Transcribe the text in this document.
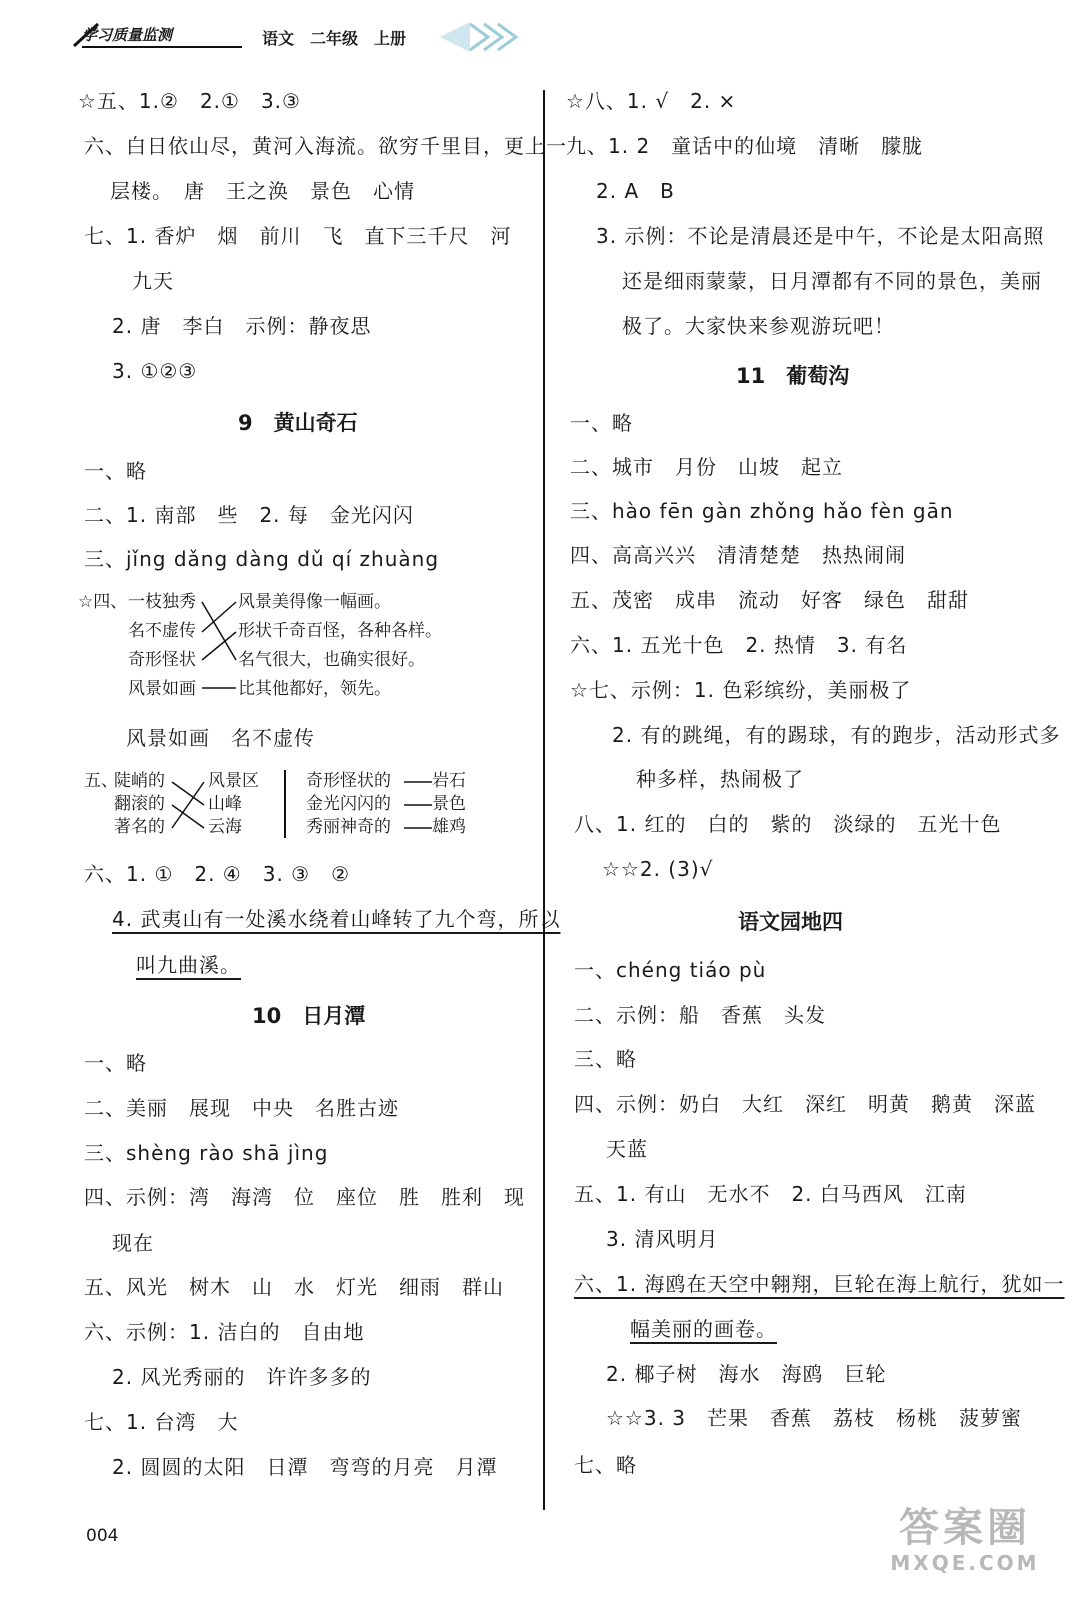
学习质量监测	语文　二年级　上册
☆五、1.②　2.①　3.③
六、白日依山尽，黄河入海流。欲穷千里目，更上一
层楼。　唐　王之涣　景色　心情
七、1. 香炉　烟　前川　飞　直下三千尺　河
九天
2. 唐　李白　示例：静夜思
3. ①②③
9　黄山奇石
一、略
二、1. 南部　些　2. 每　金光闪闪
三、jǐng dǎng dàng dǔ qí zhuàng
☆四、 一枝独秀
名不虚传
奇形怪状
风景如画
风景美得像一幅画。
形状千奇百怪，各种各样。
名气很大，也确实很好。
比其他都好，领先。
风景如画　名不虚传
五、
陡峭的
翻滚的
著名的
风景区
山峰
云海
奇形怪状的
金光闪闪的
秀丽神奇的
岩石
景色
雄鸡
六、1. ①　2. ④　3. ③　②
4. 武夷山有一处溪水绕着山峰转了九个弯，所以
叫九曲溪。
10　日月潭
一、略
二、美丽　展现　中央　名胜古迹
三、shèng rào shā jìng
四、示例：湾　海湾　位　座位　胜　胜利　现
现在
五、风光　树木　山　水　灯光　细雨　群山
六、示例：1. 洁白的　自由地
2. 风光秀丽的　许许多多的
七、1. 台湾　大
2. 圆圆的太阳　日潭　弯弯的月亮　月潭
☆八、1. √　2. ×
九、1. 2　童话中的仙境　清晰　朦胧
2. A　B
3. 示例：不论是清晨还是中午，不论是太阳高照
还是细雨蒙蒙，日月潭都有不同的景色，美丽
极了。大家快来参观游玩吧！
11　葡萄沟
一、略
二、城市　月份　山坡　起立
三、hào fēn gàn zhǒng hǎo fèn gān
四、高高兴兴　清清楚楚　热热闹闹
五、茂密　成串　流动　好客　绿色　甜甜
六、1. 五光十色　2. 热情　3. 有名
☆七、示例：1. 色彩缤纷，美丽极了
2. 有的跳绳，有的踢球，有的跑步，活动形式多
种多样，热闹极了
八、1. 红的　白的　紫的　淡绿的　五光十色
☆☆2. (3)√
语文园地四
一、chéng tiáo pù
二、示例：船　香蕉　头发
三、略
四、示例：奶白　大红　深红　明黄　鹅黄　深蓝
天蓝
五、1. 有山　无水不　2. 白马西风　江南
3. 清风明月
六、1. 海鸥在天空中翱翔，巨轮在海上航行，犹如一
幅美丽的画卷。
2. 椰子树　海水　海鸥　巨轮
☆☆3. 3　芒果　香蕉　荔枝　杨桃　菠萝蜜
七、略
004	答案圈
MXQE.COM
